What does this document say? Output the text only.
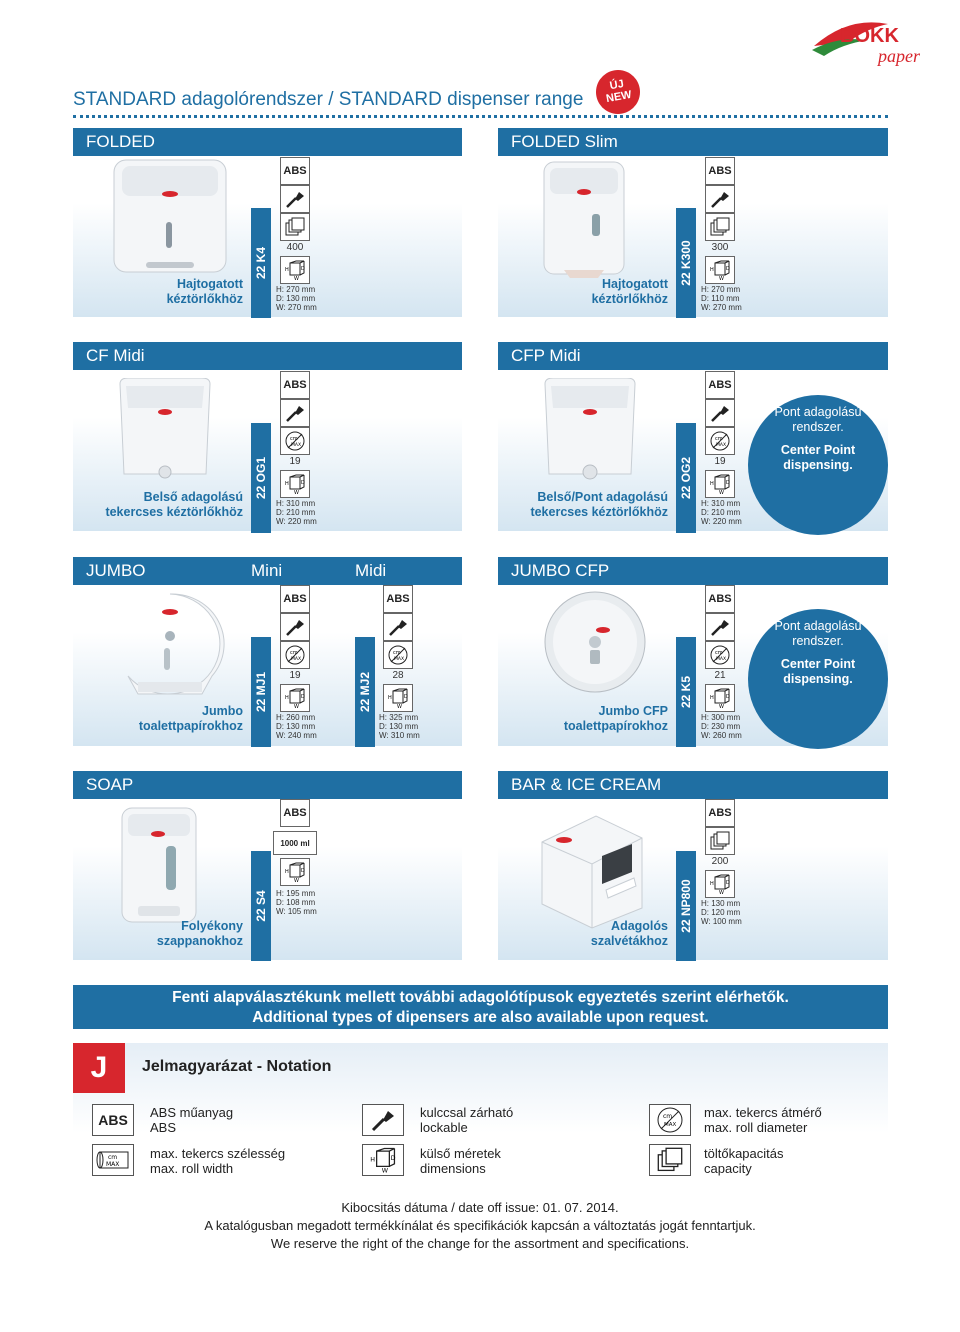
BOKK
paper
STANDARD adagolórendszer / STANDARD dispenser range
ÚJ
NEW
FOLDED
Hajtogatott
kéztörlőkhöz
22 K4
ABS
400
H D
W
H: 270 mm
D: 130 mm
W: 270 mm
FOLDED Slim
Hajtogatott
kéztörlőkhöz
22 K300
ABS
300
H D
W
H: 270 mm
D: 110 mm
W: 270 mm
CF Midi
Belső adagolású
tekercses kéztörlőkhöz
22 OG1
ABS
cm
MAX
19
H D
W
H: 310 mm
D: 210 mm
W: 220 mm
CFP Midi
Belső/Pont adagolású
tekercses kéztörlőkhöz
22 OG2
ABS
cm
MAX
19
H D
W
H: 310 mm
D: 210 mm
W: 220 mm
Pont adagolású
rendszer.
Center Point
dispensing.
JUMBO	Mini	Midi
Jumbo
toalettpapírokhoz
22 MJ1
ABS
cm
MAX
19
H D
W
H: 260 mm
D: 130 mm
W: 240 mm
22 MJ2
ABS
cm
MAX
28
H D
W
H: 325 mm
D: 130 mm
W: 310 mm
JUMBO CFP
Jumbo CFP
toalettpapírokhoz
22 K5
ABS
cm
MAX
21
H D
W
H: 300 mm
D: 230 mm
W: 260 mm
Pont adagolású
rendszer.
Center Point
dispensing.
SOAP
Folyékony
szappanokhoz
22 S4
ABS
1000 ml
H D
W
H: 195 mm
D: 108 mm
W: 105 mm
BAR & ICE CREAM
Adagolós
szalvétákhoz
22 NP800
ABS
200
H D
W
H: 130 mm
D: 120 mm
W: 100 mm
Fenti alapválasztékunk mellett további adagolótípusok egyeztetés szerint elérhetők.
Additional types of dipensers are also available upon request.
J	Jelmagyarázat - Notation
ABS	ABS műanyag
ABS
kulccsal zárható
lockable
cm
MAX
max. tekercs átmérő
max. roll diameter
cm
MAX
max. tekercs szélesség
max. roll width
H	D
W
külső méretek
dimensions
töltőkapacitás
capacity
Kibocsitás dátuma / date off issue: 01. 07. 2014.
A katalógusban megadott termékkínálat és specifikációk kapcsán a változtatás jogát fenntartjuk.
We reserve the right of the change for the assortment and specifications.
